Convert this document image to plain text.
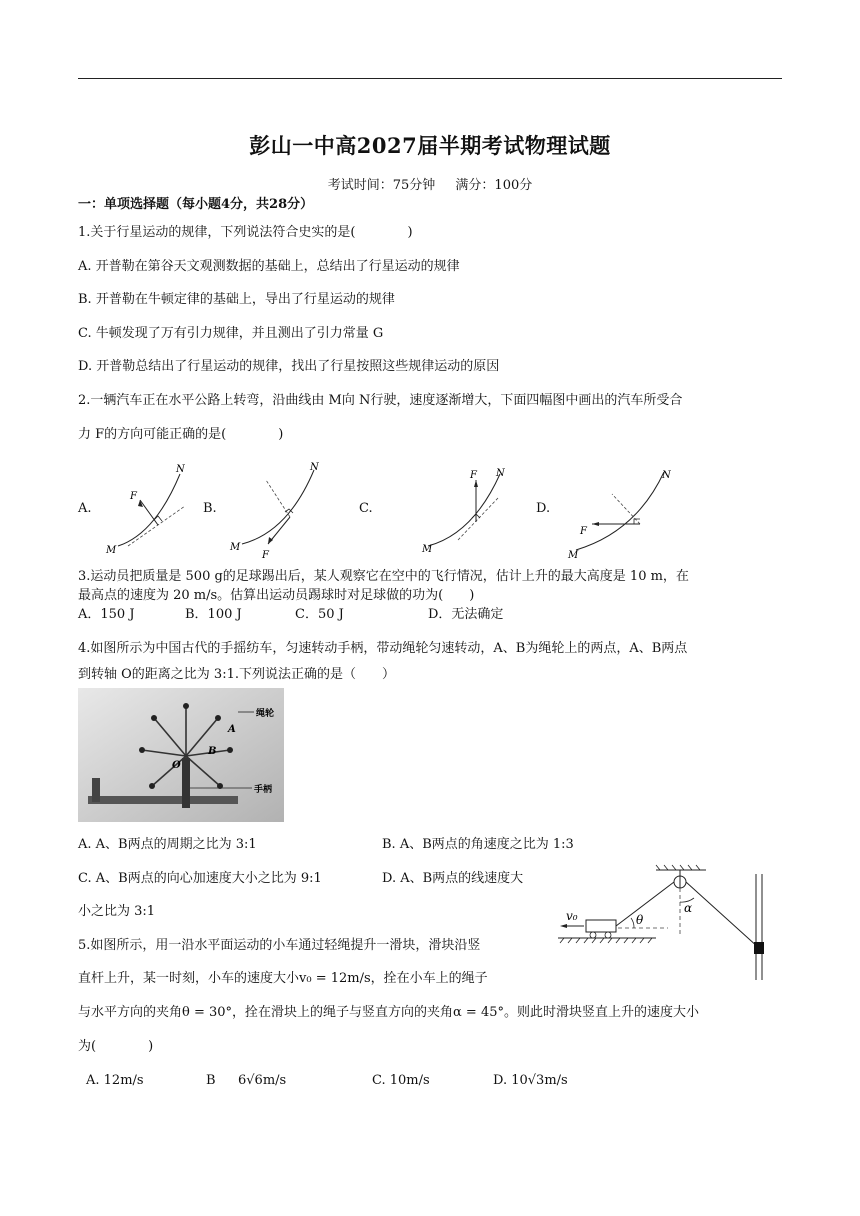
彭山一中高2027届半期考试物理试题
考试时间：75分钟 满分：100分
一：单项选择题（每小题4分，共28分）
1.关于行星运动的规律，下列说法符合史实的是(　　　　)
A. 开普勒在第谷天文观测数据的基础上，总结出了行星运动的规律
B. 开普勒在牛顿定律的基础上，导出了行星运动的规律
C. 牛顿发现了万有引力规律，并且测出了引力常量 G
D. 开普勒总结出了行星运动的规律，找出了行星按照这些规律运动的原因
2.一辆汽车正在水平公路上转弯，沿曲线由 M向 N行驶，速度逐渐增大，下面四幅图中画出的汽车所受合
力 F的方向可能正确的是(　　　　)
A.	B.	C.	D.
M
N
F
M
N
F
M
N
F
M
N
F
3.运动员把质量是 500 g的足球踢出后，某人观察它在空中的飞行情况，估计上升的最大高度是 10 m，在
最高点的速度为 20 m/s。估算出运动员踢球时对足球做的功为(　　)
A．150 J	B．100 J	C．50 J	D．无法确定
4.如图所示为中国古代的手摇纺车，匀速转动手柄，带动绳轮匀速转动，A、B为绳轮上的两点，A、B两点
到转轴 O的距离之比为 3:1.下列说法正确的是（　　）
绳轮
手柄
A
B
O
A. A、B两点的周期之比为 3:1	B. A、B两点的角速度之比为 1:3
C. A、B两点的向心加速度大小之比为 9:1	D. A、B两点的线速度大
小之比为 3:1	v₀	θ
α
5.如图所示，用一沿水平面运动的小车通过轻绳提升一滑块，滑块沿竖
直杆上升，某一时刻，小车的速度大小v₀ = 12m/s，拴在小车上的绳子
与水平方向的夹角θ = 30°，拴在滑块上的绳子与竖直方向的夹角α = 45°。则此时滑块竖直上升的速度大小
为(　　　　)
A. 12m/s	B 6√6m/s	C. 10m/s	D. 10√3m/s
